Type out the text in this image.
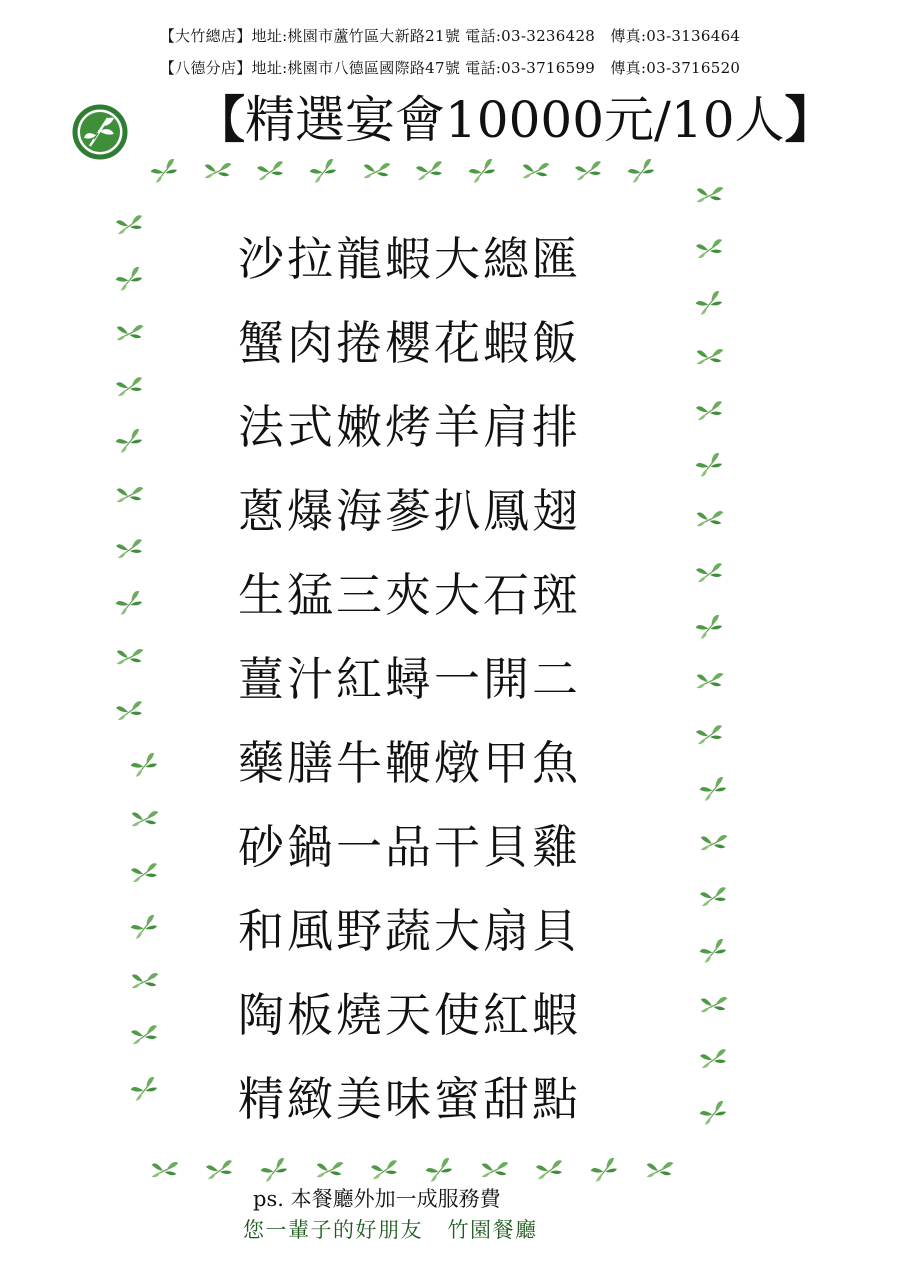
【大竹總店】地址:桃園市蘆竹區大新路21號 電話:03-3236428   傳真:03-3136464
【八德分店】地址:桃園市八德區國際路47號 電話:03-3716599   傳真:03-3716520
【精選宴會10000元/10人】
沙拉龍蝦大總匯
蟹肉捲櫻花蝦飯
法式嫩烤羊肩排
蔥爆海蔘扒鳳翅
生猛三夾大石斑
薑汁紅蟳一開二
藥膳牛鞭燉甲魚
砂鍋一品干貝雞
和風野蔬大扇貝
陶板燒天使紅蝦
精緻美味蜜甜點
ps. 本餐廳外加一成服務費
您一輩子的好朋友   竹園餐廳
